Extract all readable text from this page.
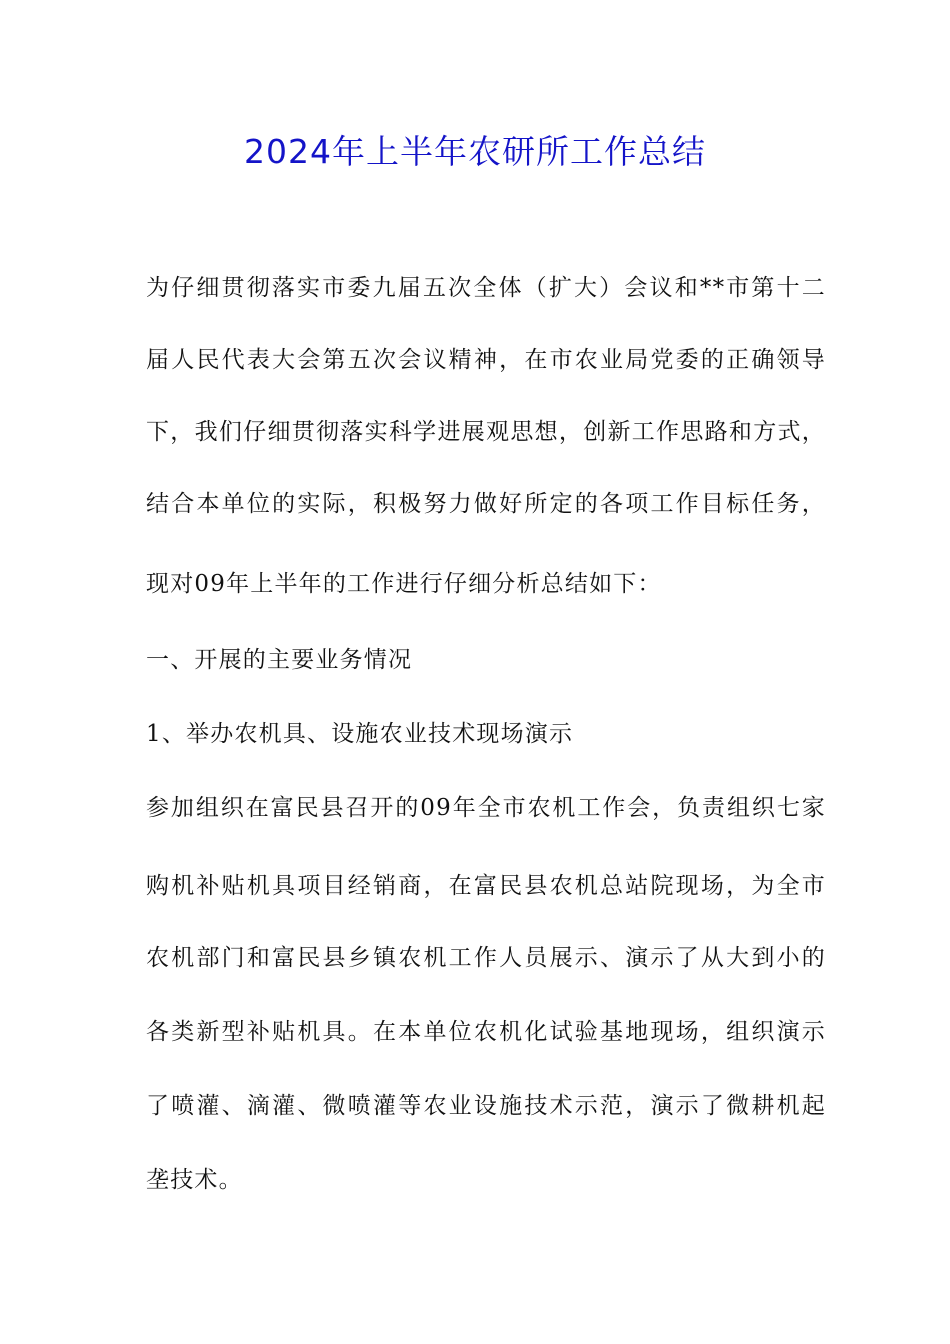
2024年上半年农研所工作总结
为仔细贯彻落实市委九届五次全体（扩大）会议和**市第十二
届人民代表大会第五次会议精神，在市农业局党委的正确领导
下，我们仔细贯彻落实科学进展观思想，创新工作思路和方式，
结合本单位的实际，积极努力做好所定的各项工作目标任务，
现对09年上半年的工作进行仔细分析总结如下：
一、开展的主要业务情况
1、举办农机具、设施农业技术现场演示
参加组织在富民县召开的09年全市农机工作会，负责组织七家
购机补贴机具项目经销商，在富民县农机总站院现场，为全市
农机部门和富民县乡镇农机工作人员展示、演示了从大到小的
各类新型补贴机具。在本单位农机化试验基地现场，组织演示
了喷灌、滴灌、微喷灌等农业设施技术示范，演示了微耕机起
垄技术。
